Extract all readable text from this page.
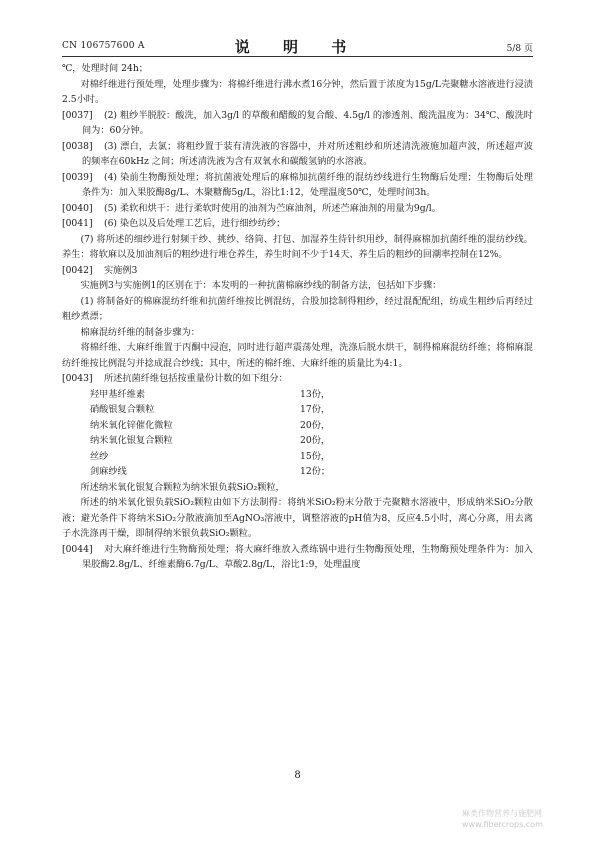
CN 106757600 A	说 明 书	5/8 页

℃，处理时间 24h；

对棉纤维进行预处理，处理步骤为：将棉纤维进行沸水煮16分钟，然后置于浓度为15g/L壳聚糖水溶液进行浸渍2.5小时。

[0037] (2) 粗纱半脱胶：酸洗，加入3g/l 的草酸和醋酸的复合酸、4.5g/l 的渗透剂、酸洗温度为：34℃、酸洗时间为：60分钟。

[0038] (3) 漂白，去氯；将粗纱置于装有清洗液的容器中，并对所述粗纱和所述清洗液施加超声波，所述超声波的频率在60kHz 之间；所述清洗液为含有双氧水和碳酸氢钠的水溶液。

[0039] (4) 染前生物酶预处理；将抗菌液处理后的麻棉加抗菌纤维的混纺纱线进行生物酶后处理；生物酶后处理条件为：加入果胶酶8g/L、木聚糖酶5g/L，浴比1:12，处理温度50℃，处理时间3h。

[0040] (5) 柔软和烘干：进行柔软时使用的油剂为苎麻油剂，所述苎麻油剂的用量为9g/l。

[0041] (6) 染色以及后处理工艺后，进行细纱纺纱；

(7) 将所述的细纱进行射频干纱、挑纱、络筒、打包、加湿养生待针织用纱，制得麻棉加抗菌纤维的混纺纱线。养生：将软麻以及加油剂后的粗纱进行堆仓养生，养生时间不少于14天、养生后的粗纱的回潮率控制在12%。

[0042] 实施例3

实施例3与实施例1的区别在于：本发明的一种抗菌棉麻纱线的制备方法，包括如下步骤：

(1) 将制备好的棉麻混纺纤维和抗菌纤维按比例混纺，合股加捻制得粗纱，经过混配配组，纺成生粗纱后再经过粗纱煮漂；

棉麻混纺纤维的制备步骤为：

将棉纤维、大麻纤维置于丙酮中浸泡，同时进行超声震荡处理，洗涤后脱水烘干，制得棉麻混纺纤维；将棉麻混纺纤维按比例混匀并捻成混合纱线；其中，所述的棉纤维、大麻纤维的质量比为4:1。

[0043] 所述抗菌纤维包括按重量份计数的如下组分：

羟甲基纤维素	13份，
硝酸银复合颗粒	17份，
纳米氧化锌催化微粒	20份，
纳米氧化银复合颗粒	20份，
丝纱	15份，
剑麻纱线	12份；

所述纳米氧化银复合颗粒为纳米银负载SiO₂颗粒，

所述的纳米氧化银负载SiO₂颗粒由如下方法制得：将纳米SiO₂粉末分散于壳聚糖水溶液中，形成纳米SiO₂分散液；避光条件下将纳米SiO₂分散液滴加至AgNO₃溶液中，调整溶液的pH值为8，反应4.5小时，离心分离，用去离子水洗涤再干燥，即制得纳米银负载SiO₂颗粒。

[0044] 对大麻纤维进行生物酶预处理；将大麻纤维放入煮练锅中进行生物酶预处理，生物酶预处理条件为：加入果胶酶2.8g/L、纤维素酶6.7g/L、草酸2.8g/L，浴比1:9，处理温度

8
麻类作物营养与施肥网
www.fibercrops.com
